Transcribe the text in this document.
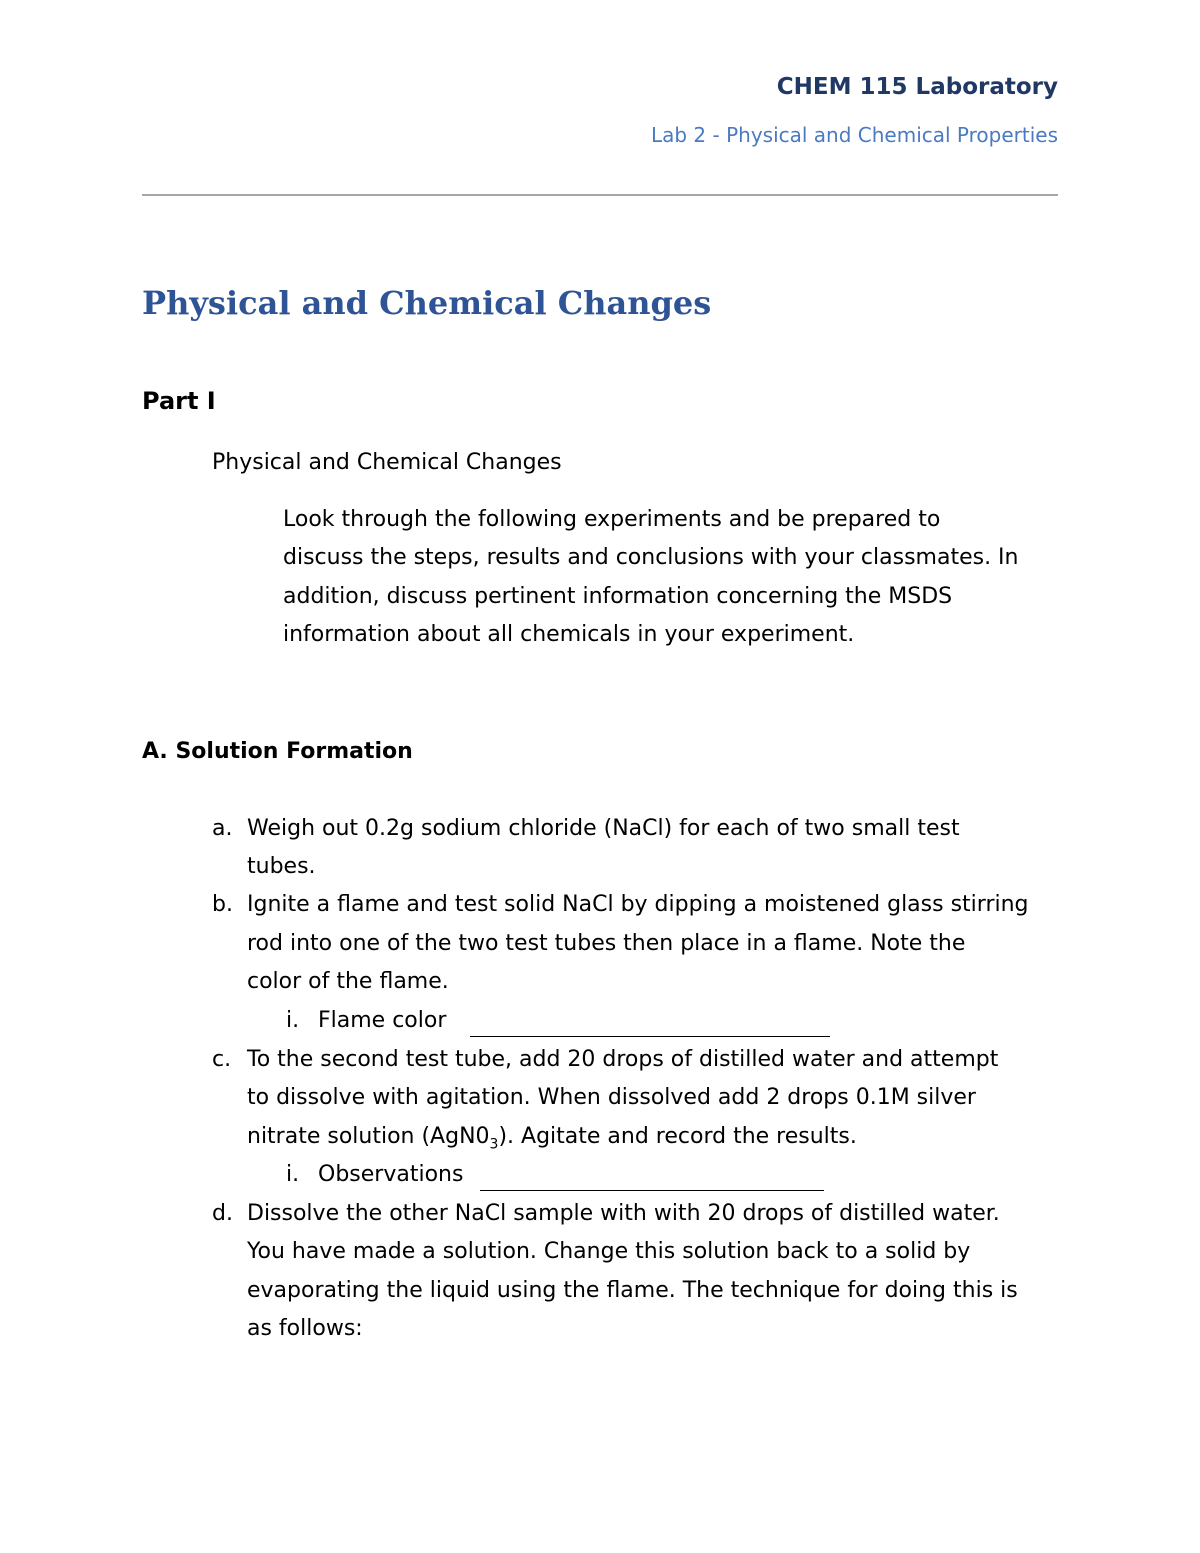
CHEM 115 Laboratory
Lab 2 - Physical and Chemical Properties
Physical and Chemical Changes
Part I
Physical and Chemical Changes
Look through the following experiments and be prepared to
discuss the steps, results and conclusions with your classmates. In
addition, discuss pertinent information concerning the MSDS
information about all chemicals in your experiment.
A. Solution Formation
a. Weigh out 0.2g sodium chloride (NaCl) for each of two small test
tubes.
b. Ignite a flame and test solid NaCl by dipping a moistened glass stirring
rod into one of the two test tubes then place in a flame. Note the
color of the flame.
i. Flame color
c. To the second test tube, add 20 drops of distilled water and attempt
to dissolve with agitation. When dissolved add 2 drops 0.1M silver
nitrate solution $(AgN0_3)$. Agitate and record the results.
i. Observations
d. Dissolve the other NaCl sample with with 20 drops of distilled water.
You have made a solution. Change this solution back to a solid by
evaporating the liquid using the flame. The technique for doing this is
as follows:
